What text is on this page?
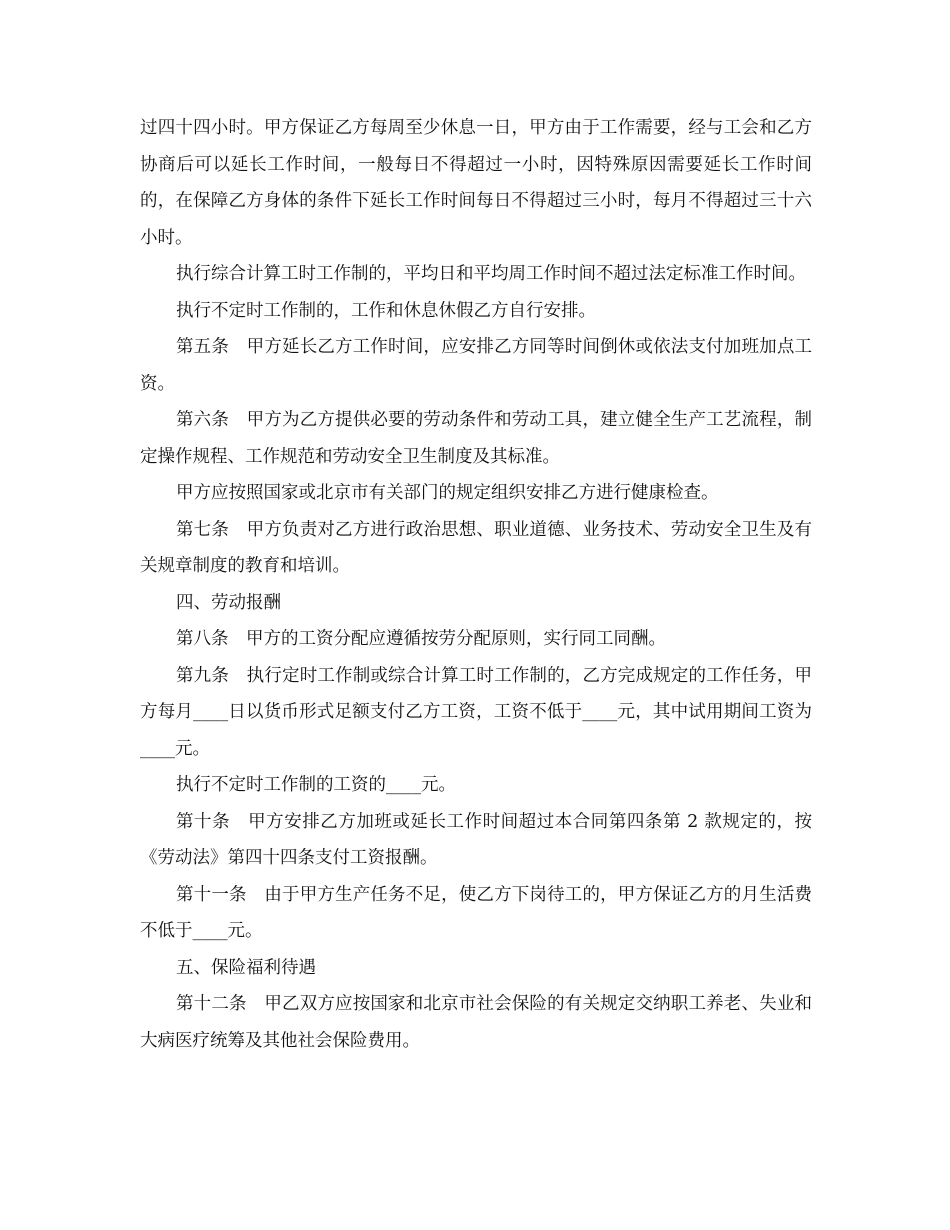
过四十四小时。甲方保证乙方每周至少休息一日，甲方由于工作需要，经与工会和乙方协商后可以延长工作时间，一般每日不得超过一小时，因特殊原因需要延长工作时间的，在保障乙方身体的条件下延长工作时间每日不得超过三小时，每月不得超过三十六小时。

执行综合计算工时工作制的，平均日和平均周工作时间不超过法定标准工作时间。

执行不定时工作制的，工作和休息休假乙方自行安排。

第五条　甲方延长乙方工作时间，应安排乙方同等时间倒休或依法支付加班加点工资。

第六条　甲方为乙方提供必要的劳动条件和劳动工具，建立健全生产工艺流程，制定操作规程、工作规范和劳动安全卫生制度及其标准。

甲方应按照国家或北京市有关部门的规定组织安排乙方进行健康检查。

第七条　甲方负责对乙方进行政治思想、职业道德、业务技术、劳动安全卫生及有关规章制度的教育和培训。

四、劳动报酬

第八条　甲方的工资分配应遵循按劳分配原则，实行同工同酬。

第九条　执行定时工作制或综合计算工时工作制的，乙方完成规定的工作任务，甲方每月____日以货币形式足额支付乙方工资，工资不低于____元，其中试用期间工资为____元。

执行不定时工作制的工资的____元。

第十条　甲方安排乙方加班或延长工作时间超过本合同第四条第 2 款规定的，按《劳动法》第四十四条支付工资报酬。

第十一条　由于甲方生产任务不足，使乙方下岗待工的，甲方保证乙方的月生活费不低于____元。

五、保险福利待遇

第十二条　甲乙双方应按国家和北京市社会保险的有关规定交纳职工养老、失业和大病医疗统筹及其他社会保险费用。
